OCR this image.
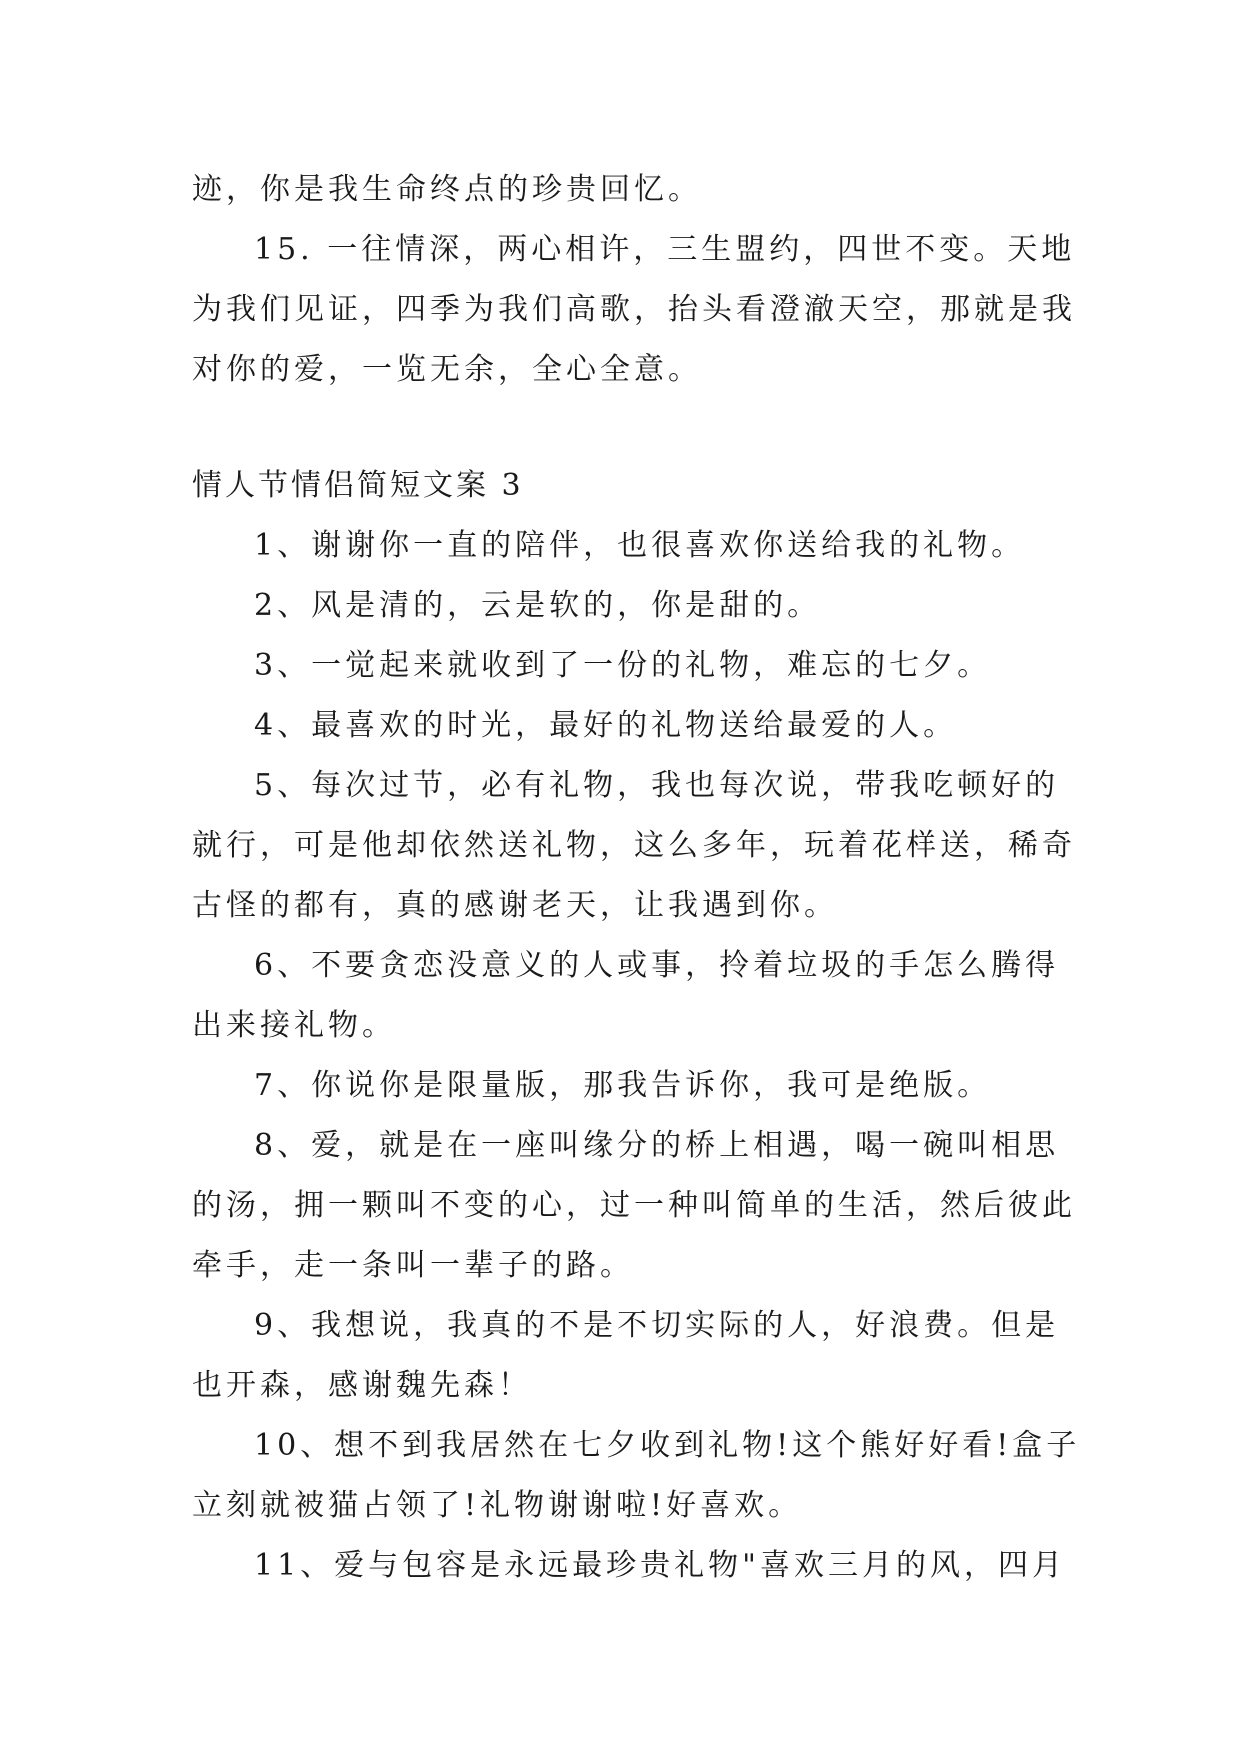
迹，你是我生命终点的珍贵回忆。
15. 一往情深，两心相许，三生盟约，四世不变。天地
为我们见证，四季为我们高歌，抬头看澄澈天空，那就是我
对你的爱，一览无余，全心全意。
情人节情侣简短文案 3
1、谢谢你一直的陪伴，也很喜欢你送给我的礼物。
2、风是清的，云是软的，你是甜的。
3、一觉起来就收到了一份的礼物，难忘的七夕。
4、最喜欢的时光，最好的礼物送给最爱的人。
5、每次过节，必有礼物，我也每次说，带我吃顿好的
就行，可是他却依然送礼物，这么多年，玩着花样送，稀奇
古怪的都有，真的感谢老天，让我遇到你。
6、不要贪恋没意义的人或事，拎着垃圾的手怎么腾得
出来接礼物。
7、你说你是限量版，那我告诉你，我可是绝版。
8、爱，就是在一座叫缘分的桥上相遇，喝一碗叫相思
的汤，拥一颗叫不变的心，过一种叫简单的生活，然后彼此
牵手，走一条叫一辈子的路。
9、我想说，我真的不是不切实际的人，好浪费。但是
也开森，感谢魏先森！
10、想不到我居然在七夕收到礼物!这个熊好好看!盒子
立刻就被猫占领了!礼物谢谢啦!好喜欢。
11、爱与包容是永远最珍贵礼物"喜欢三月的风，四月
